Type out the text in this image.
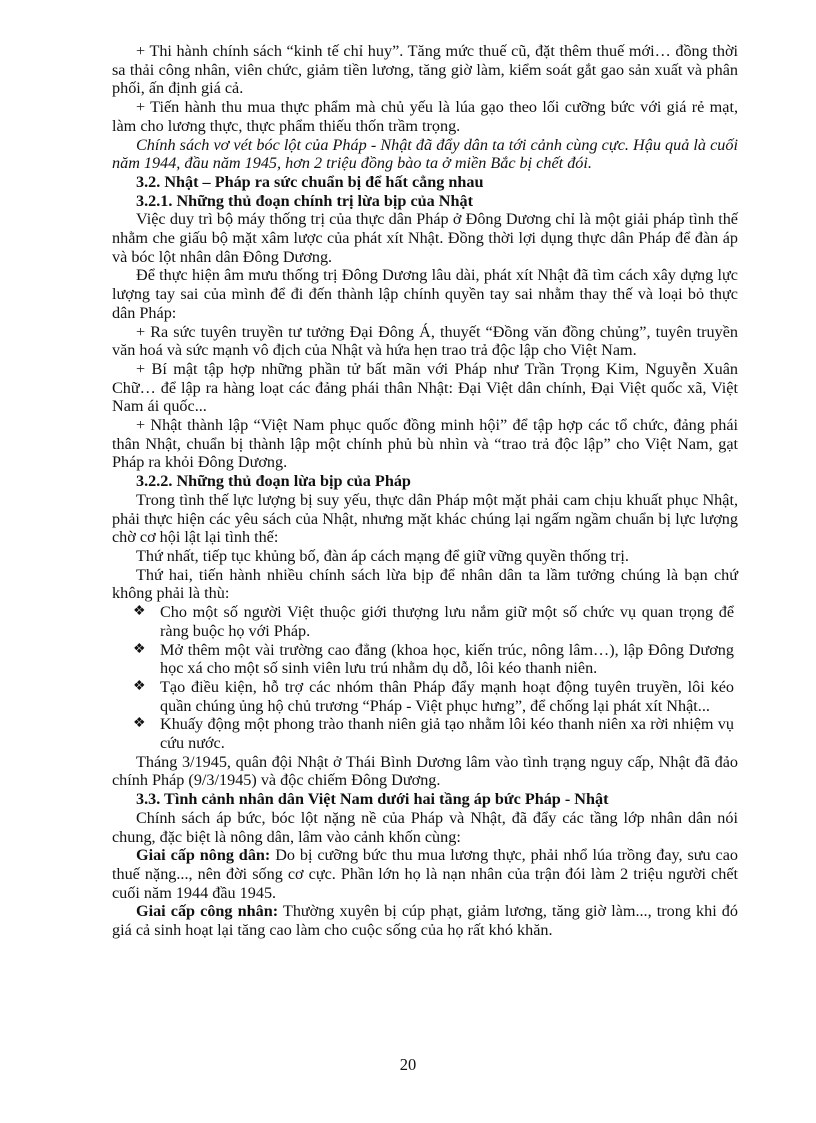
+ Thi hành chính sách “kinh tế chỉ huy”. Tăng mức thuế cũ, đặt thêm thuế mới… đồng thời sa thải công nhân, viên chức, giảm tiền lương, tăng giờ làm, kiểm soát gắt gao sản xuất và phân phối, ấn định giá cả.

+ Tiến hành thu mua thực phẩm mà chủ yếu là lúa gạo theo lối cưỡng bức với giá rẻ mạt, làm cho lương thực, thực phẩm thiếu thốn trầm trọng.

Chính sách vơ vét bóc lột của Pháp - Nhật đã đẩy dân ta tới cảnh cùng cực. Hậu quả là cuối năm 1944, đầu năm 1945, hơn 2 triệu đồng bào ta ở miền Bắc bị chết đói.

3.2. Nhật – Pháp ra sức chuẩn bị để hất cẳng nhau

3.2.1. Những thủ đoạn chính trị lừa bịp của Nhật

Việc duy trì bộ máy thống trị của thực dân Pháp ở Đông Dương chỉ là một giải pháp tình thế nhằm che giấu bộ mặt xâm lược của phát xít Nhật. Đồng thời lợi dụng thực dân Pháp để đàn áp và bóc lột nhân dân Đông Dương.

Để thực hiện âm mưu thống trị Đông Dương lâu dài, phát xít Nhật đã tìm cách xây dựng lực lượng tay sai của mình để đi đến thành lập chính quyền tay sai nhằm thay thế và loại bỏ thực dân Pháp:

+ Ra sức tuyên truyền tư tưởng Đại Đông Á, thuyết “Đồng văn đồng chủng”, tuyên truyền văn hoá và sức mạnh vô địch của Nhật và hứa hẹn trao trả độc lập cho Việt Nam.

+ Bí mật tập hợp những phần tử bất mãn với Pháp như Trần Trọng Kim, Nguyễn Xuân Chữ… để lập ra hàng loạt các đảng phái thân Nhật: Đại Việt dân chính, Đại Việt quốc xã, Việt Nam ái quốc...

+ Nhật thành lập “Việt Nam phục quốc đồng minh hội” để tập hợp các tổ chức, đảng phái thân Nhật, chuẩn bị thành lập một chính phủ bù nhìn và “trao trả độc lập” cho Việt Nam, gạt Pháp ra khỏi Đông Dương.

3.2.2. Những thủ đoạn lừa bịp của Pháp

Trong tình thế lực lượng bị suy yếu, thực dân Pháp một mặt phải cam chịu khuất phục Nhật, phải thực hiện các yêu sách của Nhật, nhưng mặt khác chúng lại ngấm ngầm chuẩn bị lực lượng chờ cơ hội lật lại tình thế:

Thứ nhất, tiếp tục khủng bố, đàn áp cách mạng để giữ vững quyền thống trị.

Thứ hai, tiến hành nhiều chính sách lừa bịp để nhân dân ta lầm tưởng chúng là bạn chứ không phải là thù:

❖ Cho một số người Việt thuộc giới thượng lưu nắm giữ một số chức vụ quan trọng để ràng buộc họ với Pháp.
❖ Mở thêm một vài trường cao đẳng (khoa học, kiến trúc, nông lâm…), lập Đông Dương học xá cho một số sinh viên lưu trú nhằm dụ dỗ, lôi kéo thanh niên.
❖ Tạo điều kiện, hỗ trợ các nhóm thân Pháp đẩy mạnh hoạt động tuyên truyền, lôi kéo quần chúng ủng hộ chủ trương “Pháp - Việt phục hưng”, để chống lại phát xít Nhật...
❖ Khuấy động một phong trào thanh niên giả tạo nhằm lôi kéo thanh niên xa rời nhiệm vụ cứu nước.

Tháng 3/1945, quân đội Nhật ở Thái Bình Dương lâm vào tình trạng nguy cấp, Nhật đã đảo chính Pháp (9/3/1945) và độc chiếm Đông Dương.

3.3. Tình cảnh nhân dân Việt Nam dưới hai tầng áp bức Pháp - Nhật

Chính sách áp bức, bóc lột nặng nề của Pháp và Nhật, đã đẩy các tầng lớp nhân dân nói chung, đặc biệt là nông dân, lâm vào cảnh khốn cùng:

Giai cấp nông dân: Do bị cưỡng bức thu mua lương thực, phải nhổ lúa trồng đay, sưu cao thuế nặng..., nên đời sống cơ cực. Phần lớn họ là nạn nhân của trận đói làm 2 triệu người chết cuối năm 1944 đầu 1945.

Giai cấp công nhân: Thường xuyên bị cúp phạt, giảm lương, tăng giờ làm..., trong khi đó giá cả sinh hoạt lại tăng cao làm cho cuộc sống của họ rất khó khăn.

20
